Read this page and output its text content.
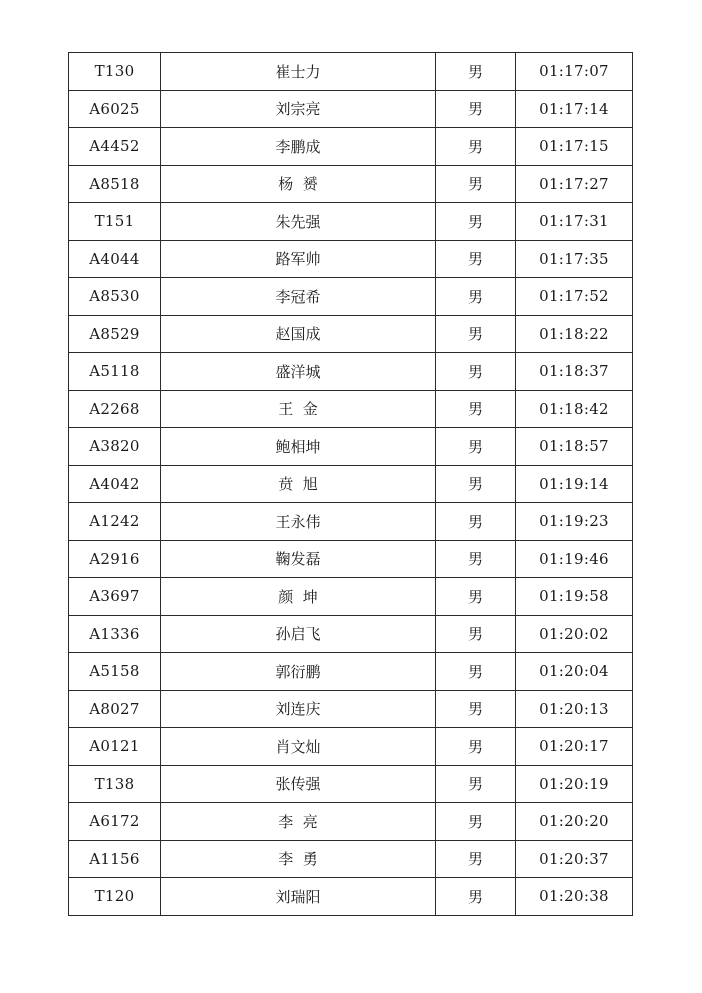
T130	崔士力	男	01:17:07
A6025	刘宗亮	男	01:17:14
A4452	李鹏成	男	01:17:15
A8518	杨  赟	男	01:17:27
T151	朱先强	男	01:17:31
A4044	路军帅	男	01:17:35
A8530	李冠希	男	01:17:52
A8529	赵国成	男	01:18:22
A5118	盛洋城	男	01:18:37
A2268	王  金	男	01:18:42
A3820	鲍相坤	男	01:18:57
A4042	贲  旭	男	01:19:14
A1242	王永伟	男	01:19:23
A2916	鞠发磊	男	01:19:46
A3697	颜  坤	男	01:19:58
A1336	孙启飞	男	01:20:02
A5158	郭衍鹏	男	01:20:04
A8027	刘连庆	男	01:20:13
A0121	肖文灿	男	01:20:17
T138	张传强	男	01:20:19
A6172	李  亮	男	01:20:20
A1156	李  勇	男	01:20:37
T120	刘瑞阳	男	01:20:38
